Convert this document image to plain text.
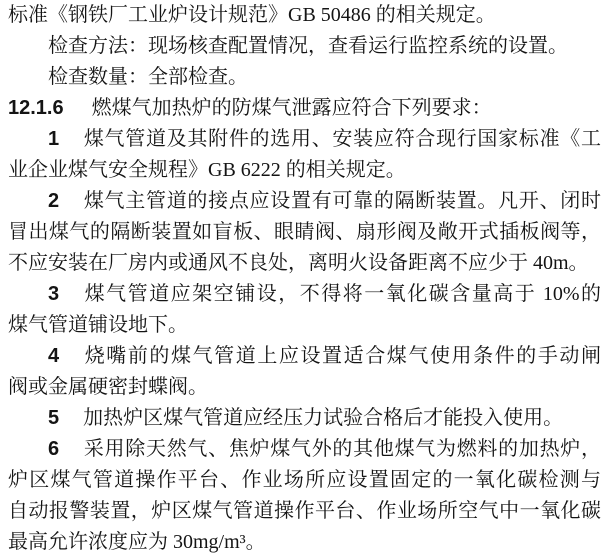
标准《钢铁厂工业炉设计规范》GB 50486 的相关规定。
检查方法：现场核查配置情况，查看运行监控系统的设置。
检查数量：全部检查。
12.1.6 燃煤气加热炉的防煤气泄露应符合下列要求：
1 煤气管道及其附件的选用、安装应符合现行国家标准《工
业企业煤气安全规程》GB 6222 的相关规定。
2 煤气主管道的接点应设置有可靠的隔断装置。凡开、闭时
冒出煤气的隔断装置如盲板、眼睛阀、扇形阀及敞开式插板阀等，
不应安装在厂房内或通风不良处，离明火设备距离不应少于 40m。
3 煤气管道应架空铺设，不得将一氧化碳含量高于 10%的
煤气管道铺设地下。
4 烧嘴前的煤气管道上应设置适合煤气使用条件的手动闸
阀或金属硬密封蝶阀。
5 加热炉区煤气管道应经压力试验合格后才能投入使用。
6 采用除天然气、焦炉煤气外的其他煤气为燃料的加热炉，
炉区煤气管道操作平台、作业场所应设置固定的一氧化碳检测与
自动报警装置，炉区煤气管道操作平台、作业场所空气中一氧化碳
最高允许浓度应为 30mg/m³。
